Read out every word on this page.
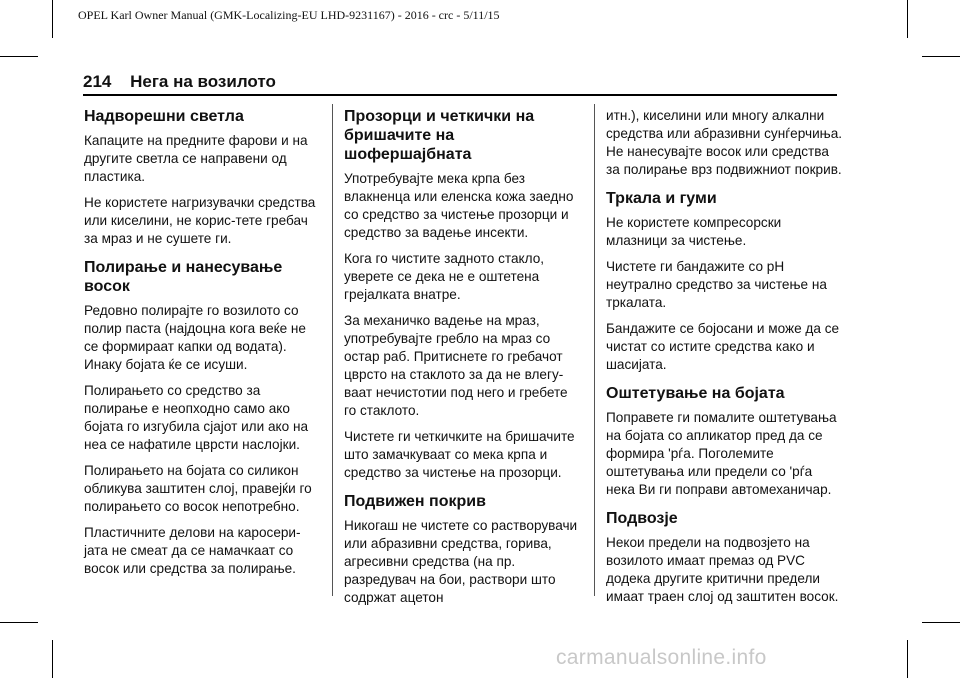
OPEL Karl Owner Manual (GMK-Localizing-EU LHD-9231167) - 2016 - crc - 5/11/15
214 Нега на возилото
Надворешни светла

Капаците на предните фарови и на другите светла се направени од пластика.

Не користете нагризувачки средства или киселини, не корис-тете гребач за мраз и не сушете ги.

Полирање и нанесување восок

Редовно полирајте го возилото со полир паста (најдоцна кога веќе не се формираат капки од водата). Инаку бојата ќе се исуши.

Полирањето со средство за полирање е неопходно само ако бојата го изгубила сјајот или ако на неа се нафатиле цврсти наслојки.

Полирањето на бојата со силикон обликува заштитен слој, правејќи го полирањето со восок непотребно.

Пластичните делови на каросери-јата не смеат да се намачкаат со восок или средства за полирање.

Прозорци и четкички на бришачите на шофершајбната

Употребувајте мека крпа без влакненца или еленска кожа заедно со средство за чистење прозорци и средство за вадење инсекти.

Кога го чистите задното стакло, уверете се дека не е оштетена грејалката внатре.

За механичко вадење на мраз, употребувајте гребло на мраз со остар раб. Притиснете го гребачот цврсто на стаклото за да не влегу-ваат нечистотии под него и гребете го стаклото.

Чистете ги четкичките на бришачите што замачкуваат со мека крпа и средство за чистење на прозорци.

Подвижен покрив

Никогаш не чистете со растворувачи или абразивни средства, горива, агресивни средства (на пр. разредувач на бои, раствори што содржат ацетон

итн.), киселини или многу алкални средства или абразивни сунѓерчиња. Не нанесувајте восок или средства за полирање врз подвижниот покрив.

Тркала и гуми

Не користете компресорски млазници за чистење.

Чистете ги бандажите со pH неутрално средство за чистење на тркалата.

Бандажите се бојосани и може да се чистат со истите средства како и шасијата.

Оштетување на бојата

Поправете ги помалите оштетувања на бојата со апликатор пред да се формира 'рѓа. Поголемите оштетувања или предели со 'рѓа нека Ви ги поправи автомеханичар.

Подвозје

Некои предели на подвозјето на возилото имаат премаз од PVC додека другите критични предели имаат траен слој од заштитен восок.

carmanualsonline.info
